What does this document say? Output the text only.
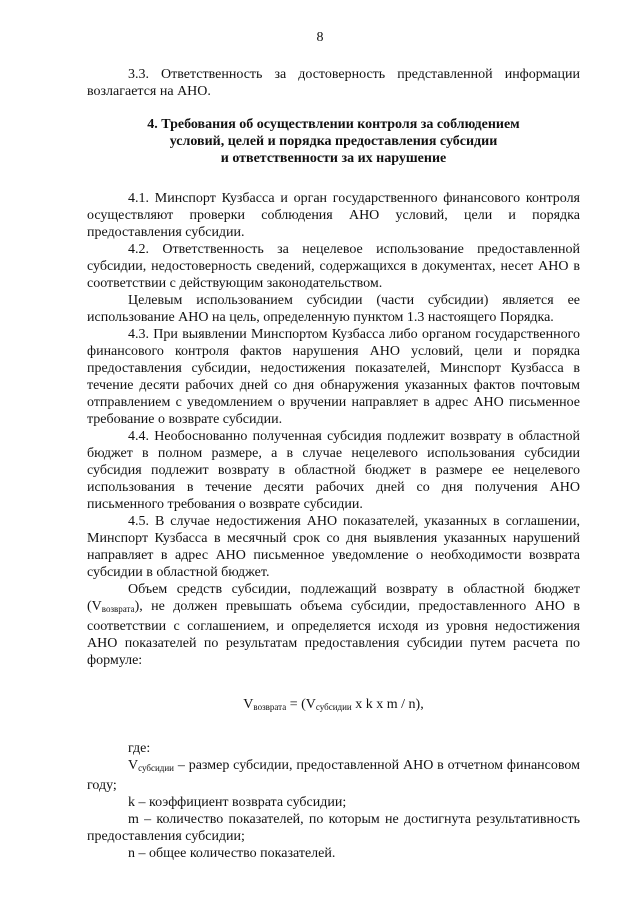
8

3.3. Ответственность за достоверность представленной информации возлагается на АНО.

4. Требования об осуществлении контроля за соблюдением
условий, целей и порядка предоставления субсидии
и ответственности за их нарушение

4.1. Минспорт Кузбасса и орган государственного финансового контроля осуществляют проверки соблюдения АНО условий, цели и порядка предоставления субсидии.

4.2. Ответственность за нецелевое использование предоставленной субсидии, недостоверность сведений, содержащихся в документах, несет АНО в соответствии с действующим законодательством.

Целевым использованием субсидии (части субсидии) является ее использование АНО на цель, определенную пунктом 1.3 настоящего Порядка.

4.3. При выявлении Минспортом Кузбасса либо органом государственного финансового контроля фактов нарушения АНО условий, цели и порядка предоставления субсидии, недостижения показателей, Минспорт Кузбасса в течение десяти рабочих дней со дня обнаружения указанных фактов почтовым отправлением с уведомлением о вручении направляет в адрес АНО письменное требование о возврате субсидии.

4.4. Необоснованно полученная субсидия подлежит возврату в областной бюджет в полном размере, а в случае нецелевого использования субсидии субсидия подлежит возврату в областной бюджет в размере ее нецелевого использования в течение десяти рабочих дней со дня получения АНО письменного требования о возврате субсидии.

4.5. В случае недостижения АНО показателей, указанных в соглашении, Минспорт Кузбасса в месячный срок со дня выявления указанных нарушений направляет в адрес АНО письменное уведомление о необходимости возврата субсидии в областной бюджет.

Объем средств субсидии, подлежащий возврату в областной бюджет $(V_{возврата})$, не должен превышать объема субсидии, предоставленного АНО в соответствии с соглашением, и определяется исходя из уровня недостижения АНО показателей по результатам предоставления субсидии путем расчета по формуле:

$V_{возврата} = (V_{субсидии}$ x k x m / n),

где:

$V_{субсидии}$ – размер субсидии, предоставленной АНО в отчетном финансовом году;

k – коэффициент возврата субсидии;

m – количество показателей, по которым не достигнута результативность предоставления субсидии;

n – общее количество показателей.
